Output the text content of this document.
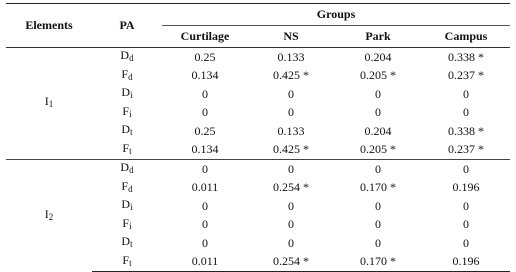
Elements	PA	Groups			
		Curtilage	NS	Park	Campus
$I_1$	$D_d$	0.25	0.133	0.204	0.338 *
	$F_d$	0.134	0.425 *	0.205 *	0.237 *
	$D_i$	0	0	0	0
	$F_i$	0	0	0	0
	$D_t$	0.25	0.133	0.204	0.338 *
	$F_t$	0.134	0.425 *	0.205 *	0.237 *
$I_2$	$D_d$	0	0	0	0
	$F_d$	0.011	0.254 *	0.170 *	0.196
	$D_i$	0	0	0	0
	$F_i$	0	0	0	0
	$D_t$	0	0	0	0
	$F_t$	0.011	0.254 *	0.170 *	0.196
